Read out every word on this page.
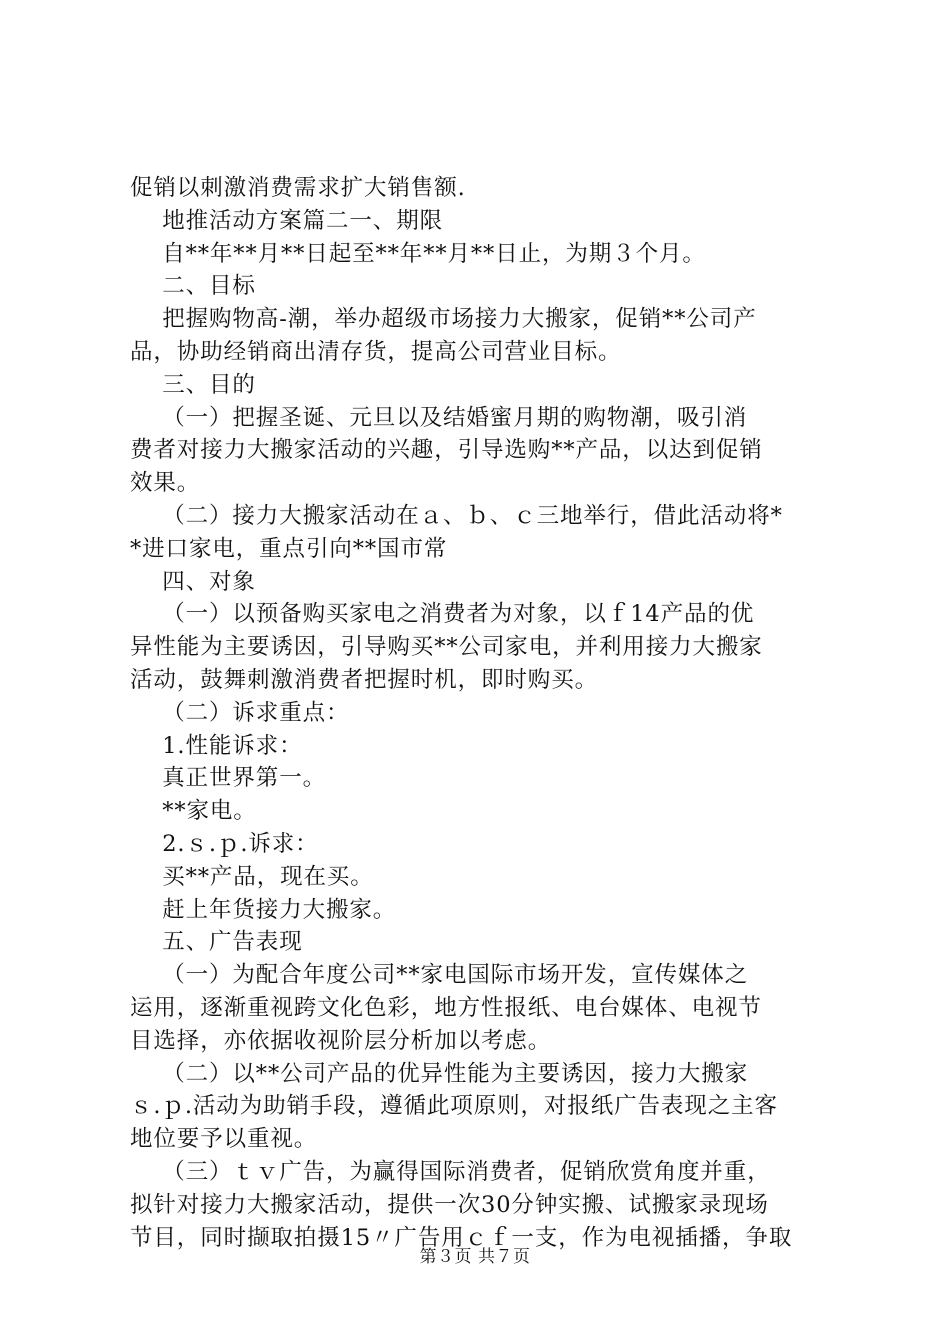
促销以刺激消费需求扩大销售额.
地推活动方案篇二一、期限
自**年**月**日起至**年**月**日止，为期３个月。
二、目标
把握购物高-潮，举办超级市场接力大搬家，促销**公司产
品，协助经销商出清存货，提高公司营业目标。
三、目的
（一）把握圣诞、元旦以及结婚蜜月期的购物潮，吸引消
费者对接力大搬家活动的兴趣，引导选购**产品，以达到促销
效果。
（二）接力大搬家活动在ａ、ｂ、ｃ三地举行，借此活动将*
*进口家电，重点引向**国市常
四、对象
（一）以预备购买家电之消费者为对象，以ｆ14产品的优
异性能为主要诱因，引导购买**公司家电，并利用接力大搬家
活动，鼓舞刺激消费者把握时机，即时购买。
（二）诉求重点：
1.性能诉求：
真正世界第一。
**家电。
2.ｓ.ｐ.诉求：
买**产品，现在买。
赶上年货接力大搬家。
五、广告表现
（一）为配合年度公司**家电国际市场开发，宣传媒体之
运用，逐渐重视跨文化色彩，地方性报纸、电台媒体、电视节
目选择，亦依据收视阶层分析加以考虑。
（二）以**公司产品的优异性能为主要诱因，接力大搬家
ｓ.ｐ.活动为助销手段，遵循此项原则，对报纸广告表现之主客
地位要予以重视。
（三）ｔｖ广告，为赢得国际消费者，促销欣赏角度并重，
拟针对接力大搬家活动，提供一次30分钟实搬、试搬家录现场
节目，同时撷取拍摄15〃广告用ｃｆ一支，作为电视插播，争取
第３页 共７页
